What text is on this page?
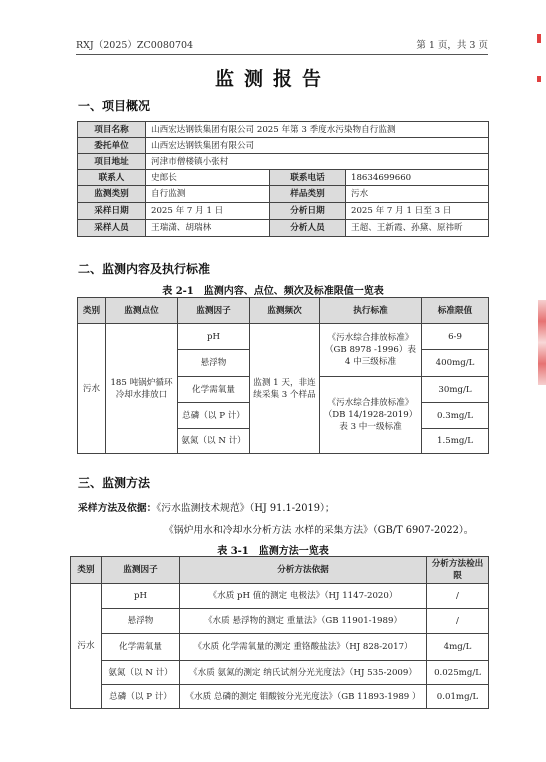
RXJ（2025）ZC0080704	第 1 页，共 3 页
监测报告
一、项目概况
项目名称	山西宏达钢铁集团有限公司 2025 年第 3 季度水污染物自行监测		
委托单位	山西宏达钢铁集团有限公司		
项目地址	河津市僧楼镇小张村		
联系人	史郎长	联系电话	18634699660
监测类别	自行监测	样品类别	污水
采样日期	2025 年 7 月 1 日	分析日期	2025 年 7 月 1 日至 3 日
采样人员	王瑞潇、胡瑞林	分析人员	王超、王新霞、孙黛、原祎昕
二、监测内容及执行标准
表 2-1　监测内容、点位、频次及标准限值一览表
类别	监测点位	监测因子	监测频次	执行标准	标准限值
污水	185 吨锅炉循环冷却水排放口	pH	监测 1 天，非连续采集 3 个样品	《污水综合排放标准》（GB 8978 -1996）表 4 中三级标准	6-9
		悬浮物			400mg/L
		化学需氧量		《污水综合排放标准》（DB 14/1928-2019）表 3 中一级标准	30mg/L
		总磷（以 P 计）			0.3mg/L
		氨氮（以 N 计）			1.5mg/L
三、监测方法
采样方法及依据：《污水监测技术规范》（HJ 91.1-2019）；
《锅炉用水和冷却水分析方法 水样的采集方法》（GB/T 6907-2022）。
表 3-1　监测方法一览表
类别	监测因子	分析方法依据	分析方法检出限
污水	pH	《水质 pH 值的测定 电极法》（HJ 1147-2020）	/
	悬浮物	《水质 悬浮物的测定 重量法》（GB 11901-1989）	/
	化学需氧量	《水质 化学需氧量的测定 重铬酸盐法》（HJ 828-2017）	4mg/L
	氨氮（以 N 计）	《水质 氨氮的测定 纳氏试剂分光光度法》（HJ 535-2009）	0.025mg/L
	总磷（以 P 计）	《水质 总磷的测定 钼酸铵分光光度法》（GB 11893-1989 ）	0.01mg/L
